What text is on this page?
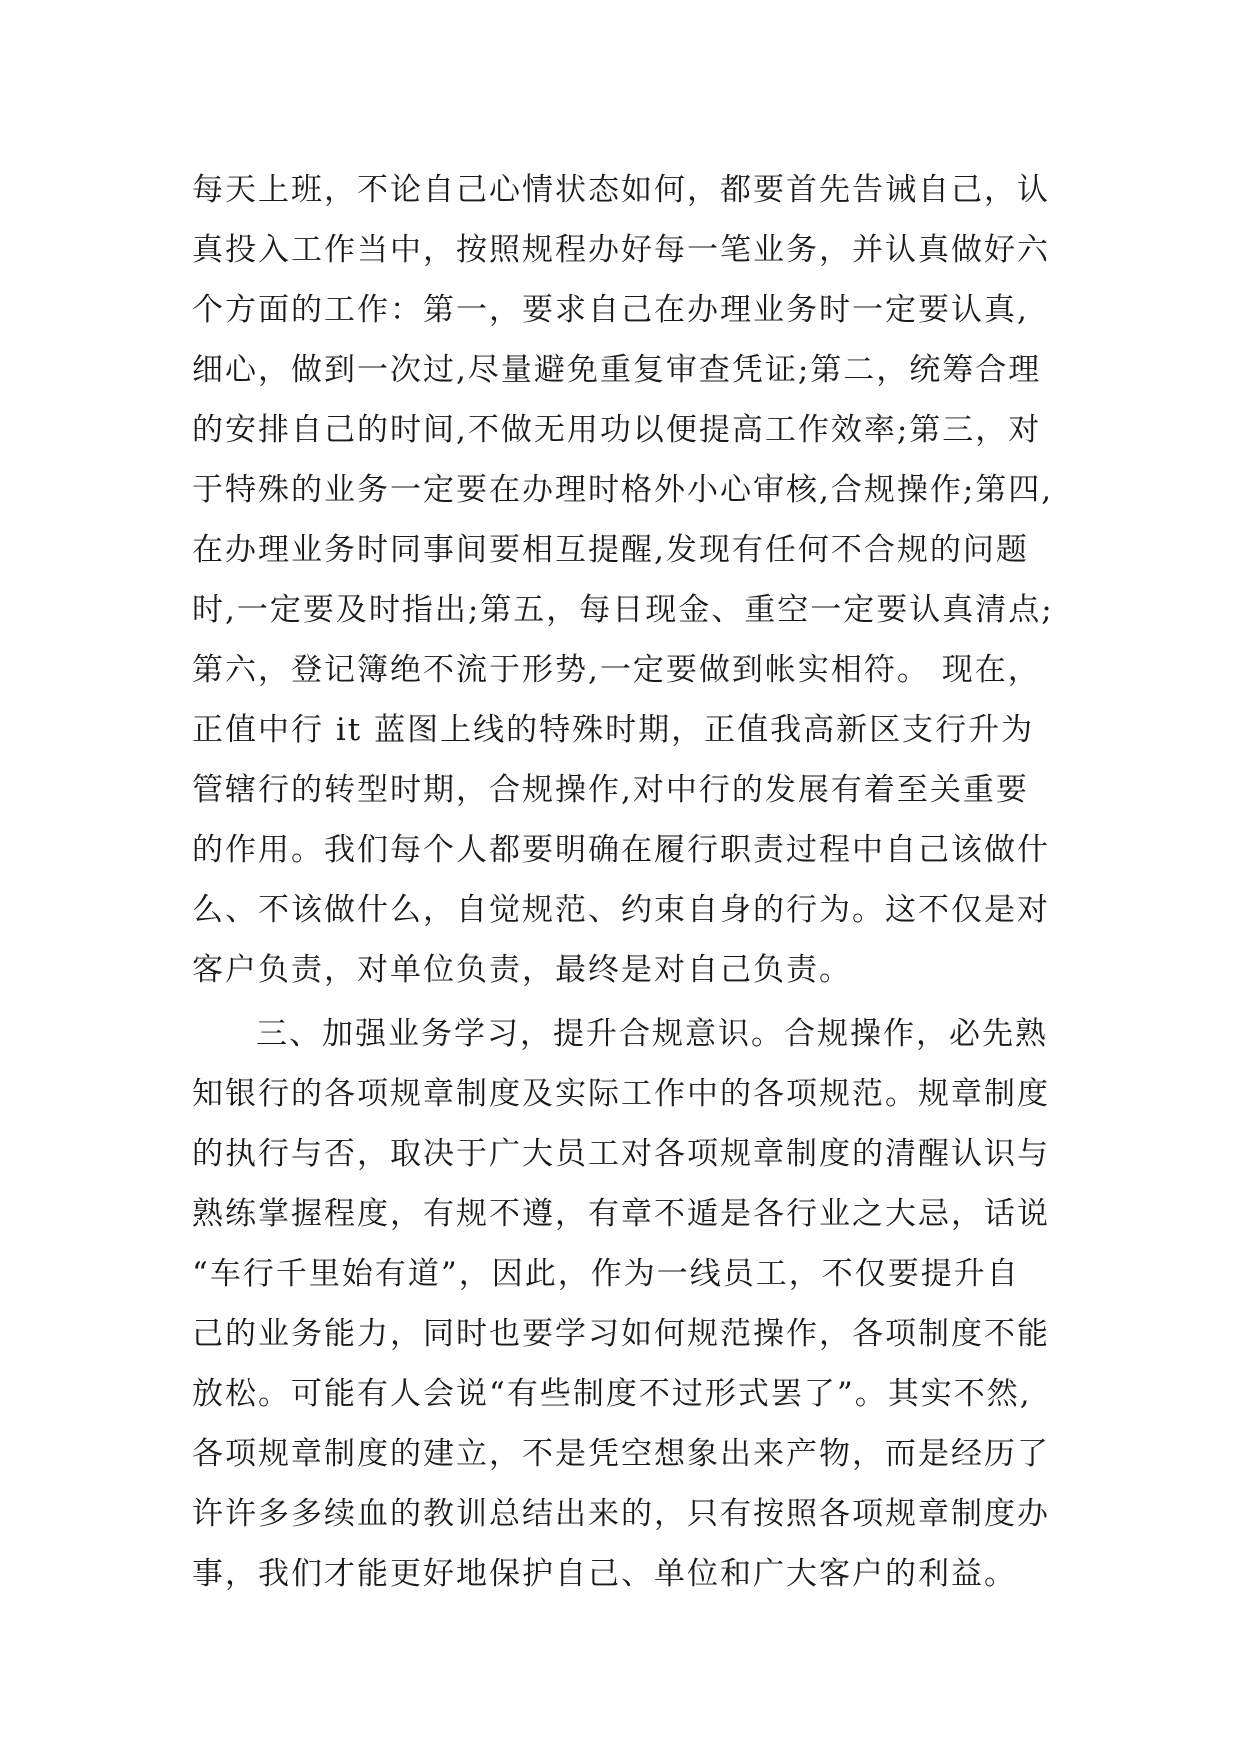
每天上班，不论自己心情状态如何，都要首先告诫自己，认
真投入工作当中，按照规程办好每一笔业务，并认真做好六
个方面的工作：第一，要求自己在办理业务时一定要认真,
细心，做到一次过,尽量避免重复审查凭证;第二，统筹合理
的安排自己的时间,不做无用功以便提高工作效率;第三，对
于特殊的业务一定要在办理时格外小心审核,合规操作;第四,
在办理业务时同事间要相互提醒,发现有任何不合规的问题
时,一定要及时指出;第五，每日现金、重空一定要认真清点;
第六，登记簿绝不流于形势,一定要做到帐实相符。 现在，
正值中行 it 蓝图上线的特殊时期，正值我高新区支行升为
管辖行的转型时期，合规操作,对中行的发展有着至关重要
的作用。我们每个人都要明确在履行职责过程中自己该做什
么、不该做什么，自觉规范、约束自身的行为。这不仅是对
客户负责，对单位负责，最终是对自己负责。
三、加强业务学习，提升合规意识。合规操作，必先熟
知银行的各项规章制度及实际工作中的各项规范。规章制度
的执行与否，取决于广大员工对各项规章制度的清醒认识与
熟练掌握程度，有规不遵，有章不遁是各行业之大忌，话说
“车行千里始有道”，因此，作为一线员工，不仅要提升自
己的业务能力，同时也要学习如何规范操作，各项制度不能
放松。可能有人会说“有些制度不过形式罢了”。其实不然,
各项规章制度的建立，不是凭空想象出来产物，而是经历了
许许多多续血的教训总结出来的，只有按照各项规章制度办
事，我们才能更好地保护自己、单位和广大客户的利益。
